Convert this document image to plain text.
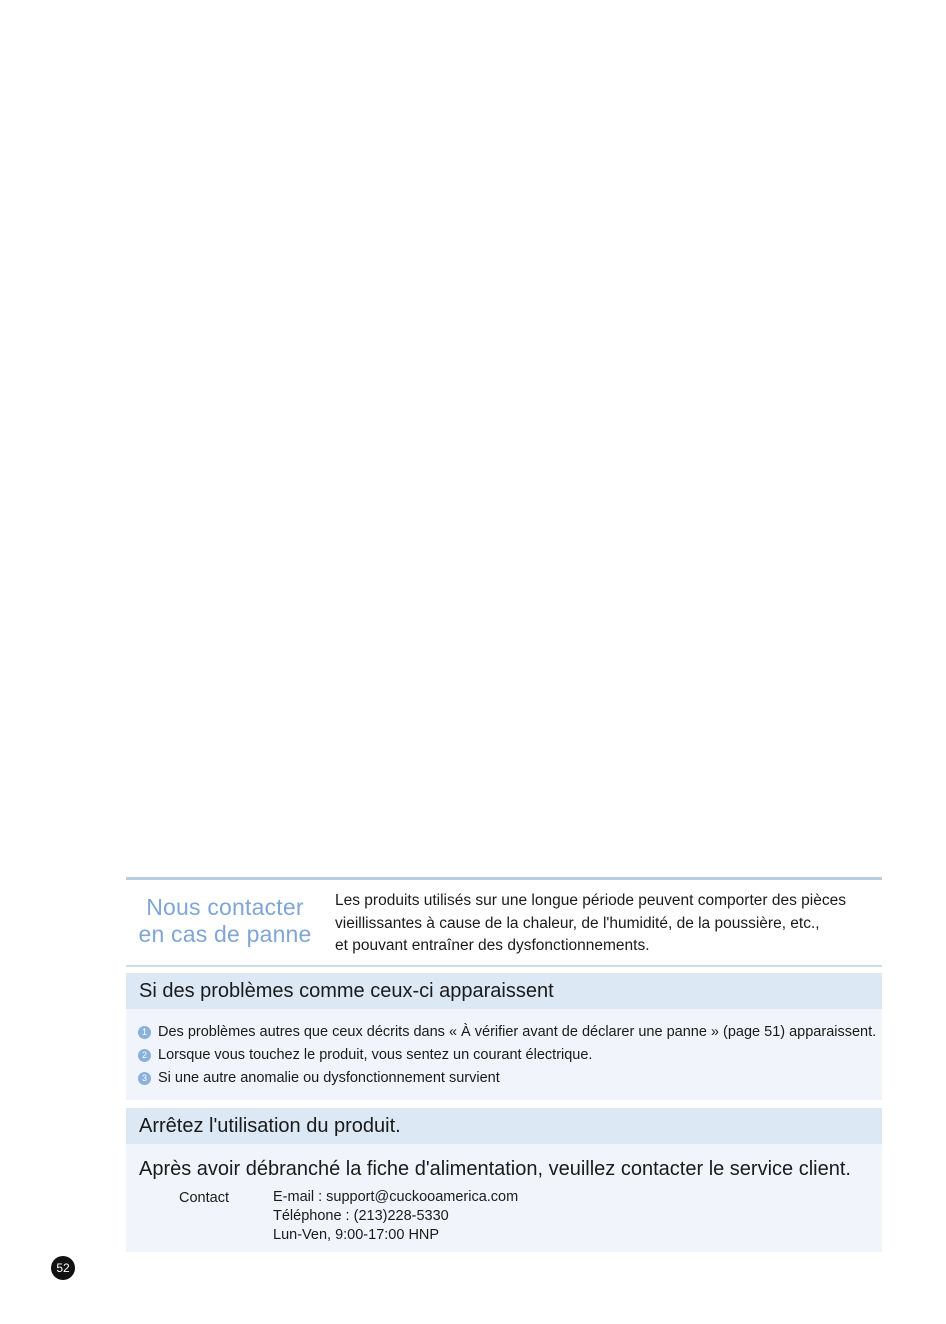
Nous contacter
en cas de panne
Les produits utilisés sur une longue période peuvent comporter des pièces
vieillissantes à cause de la chaleur, de l'humidité, de la poussière, etc.,
et pouvant entraîner des dysfonctionnements.
Si des problèmes comme ceux-ci apparaissent
1 Des problèmes autres que ceux décrits dans « À vérifier avant de déclarer une panne » (page 51) apparaissent.
2 Lorsque vous touchez le produit, vous sentez un courant électrique.
3 Si une autre anomalie ou dysfonctionnement survient
Arrêtez l'utilisation du produit.
Après avoir débranché la fiche d'alimentation, veuillez contacter le service client.
Contact	E-mail : support@cuckooamerica.com
Téléphone : (213)228-5330
Lun-Ven, 9:00-17:00 HNP
52
